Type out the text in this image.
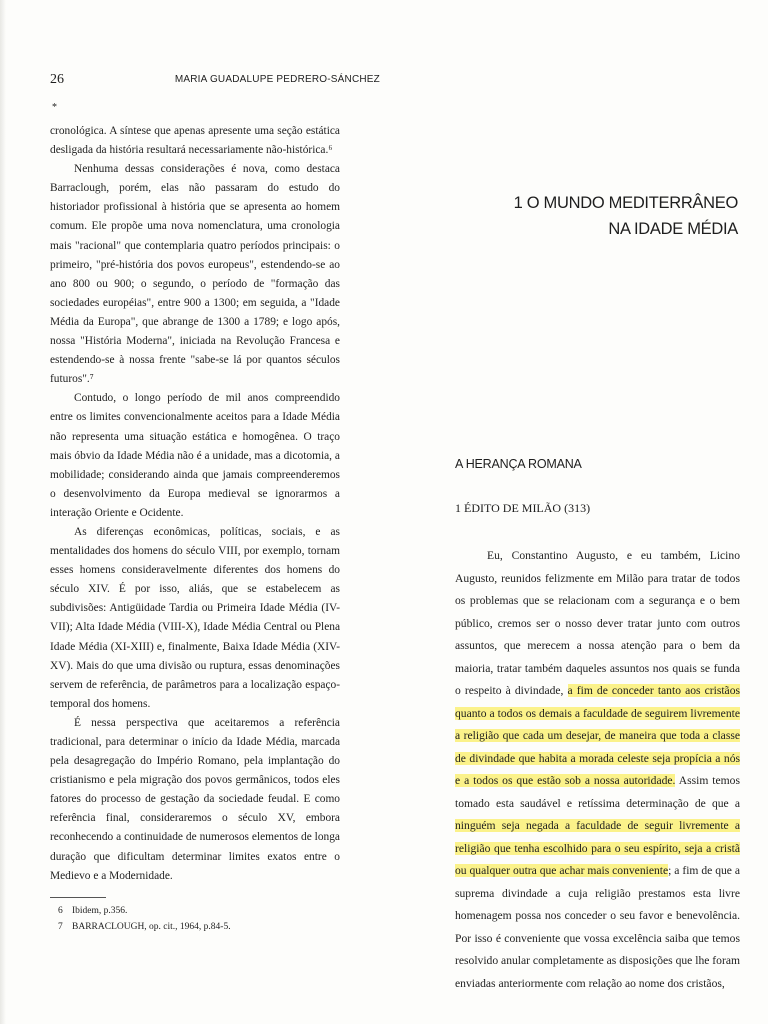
26	MARIA GUADALUPE PEDRERO-SÁNCHEZ
*

cronológica. A síntese que apenas apresente uma seção estática desligada da história resultará necessariamente não-histórica.⁶

Nenhuma dessas considerações é nova, como destaca Barraclough, porém, elas não passaram do estudo do historiador profissional à história que se apresenta ao homem comum. Ele propõe uma nova nomenclatura, uma cronologia mais "racional" que contemplaria quatro períodos principais: o primeiro, "pré-história dos povos europeus", estendendo-se ao ano 800 ou 900; o segundo, o período de "formação das sociedades européias", entre 900 a 1300; em seguida, a "Idade Média da Europa", que abrange de 1300 a 1789; e logo após, nossa "História Moderna", iniciada na Revolução Francesa e estendendo-se à nossa frente "sabe-se lá por quantos séculos futuros".⁷

Contudo, o longo período de mil anos compreendido entre os limites convencionalmente aceitos para a Idade Média não representa uma situação estática e homogênea. O traço mais óbvio da Idade Média não é a unidade, mas a dicotomia, a mobilidade; considerando ainda que jamais compreenderemos o desenvolvimento da Europa medieval se ignorarmos a interação Oriente e Ocidente.

As diferenças econômicas, políticas, sociais, e as mentalidades dos homens do século VIII, por exemplo, tornam esses homens consideravelmente diferentes dos homens do século XIV. É por isso, aliás, que se estabelecem as subdivisões: Antigüidade Tardia ou Primeira Idade Média (IV-VII); Alta Idade Média (VIII-X), Idade Média Central ou Plena Idade Média (XI-XIII) e, finalmente, Baixa Idade Média (XIV-XV). Mais do que uma divisão ou ruptura, essas denominações servem de referência, de parâmetros para a localização espaço-temporal dos homens.

É nessa perspectiva que aceitaremos a referência tradicional, para determinar o início da Idade Média, marcada pela desagregação do Império Romano, pela implantação do cristianismo e pela migração dos povos germânicos, todos eles fatores do processo de gestação da sociedade feudal. E como referência final, consideraremos o século XV, embora reconhecendo a continuidade de numerosos elementos de longa duração que dificultam determinar limites exatos entre o Medievo e a Modernidade.

6 Ibidem, p.356.
7 BARRACLOUGH, op. cit., 1964, p.84-5.
1 O MUNDO MEDITERRÂNEO
NA IDADE MÉDIA
A HERANÇA ROMANA
1 ÉDITO DE MILÃO (313)

Eu, Constantino Augusto, e eu também, Licino Augusto, reunidos felizmente em Milão para tratar de todos os problemas que se relacionam com a segurança e o bem público, cremos ser o nosso dever tratar junto com outros assuntos, que merecem a nossa atenção para o bem da maioria, tratar também daqueles assuntos nos quais se funda o respeito à divindade, a fim de conceder tanto aos cristãos quanto a todos os demais a faculdade de seguirem livremente a religião que cada um desejar, de maneira que toda a classe de divindade que habita a morada celeste seja propícia a nós e a todos os que estão sob a nossa autoridade. Assim temos tomado esta saudável e retíssima determinação de que a ninguém seja negada a faculdade de seguir livremente a religião que tenha escolhido para o seu espírito, seja a cristã ou qualquer outra que achar mais conveniente; a fim de que a suprema divindade a cuja religião prestamos esta livre homenagem possa nos conceder o seu favor e benevolência. Por isso é conveniente que vossa excelência saiba que temos resolvido anular completamente as disposições que lhe foram enviadas anteriormente com relação ao nome dos cristãos,
